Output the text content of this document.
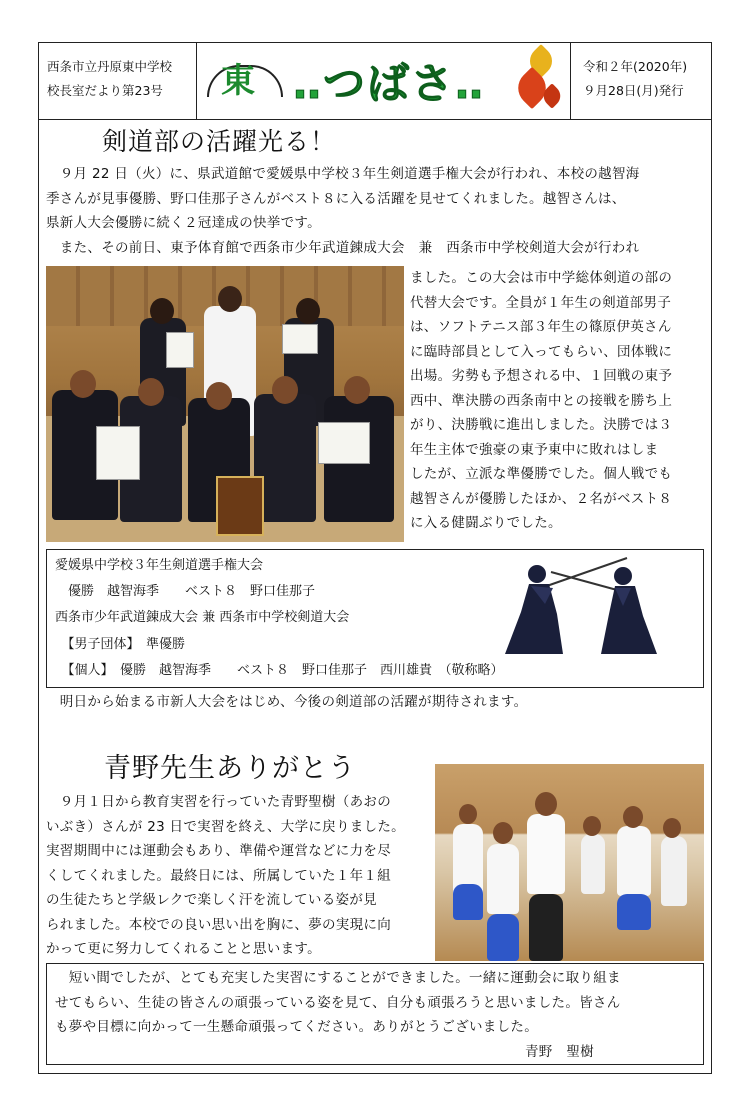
西条市立丹原東中学校
校長室だより第23号	東 ‥つばさ‥	令和２年(2020年)
９月28日(月)発行
剣道部の活躍光る！
　９月 22 日（火）に、県武道館で愛媛県中学校３年生剣道選手権大会が行われ、本校の越智海
季さんが見事優勝、野口佳那子さんがベスト８に入る活躍を見せてくれました。越智さんは、
県新人大会優勝に続く２冠達成の快挙です。
　また、その前日、東予体育館で西条市少年武道錬成大会　兼　西条市中学校剣道大会が行われ
ました。この大会は市中学総体剣道の部の
代替大会です。全員が１年生の剣道部男子
は、ソフトテニス部３年生の篠原伊英さん
に臨時部員として入ってもらい、団体戦に
出場。劣勢も予想される中、１回戦の東予
西中、準決勝の西条南中との接戦を勝ち上
がり、決勝戦に進出しました。決勝では３
年生主体で強豪の東予東中に敗れはしま
したが、立派な準優勝でした。個人戦でも
越智さんが優勝したほか、２名がベスト８
に入る健闘ぶりでした。
愛媛県中学校３年生剣道選手権大会
　優勝　越智海季　　ベスト８　野口佳那子
西条市少年武道錬成大会 兼 西条市中学校剣道大会
　【男子団体】　準優勝
　【個人】　優勝　越智海季　　ベスト８　野口佳那子　西川雄貴　（敬称略）
　明日から始まる市新人大会をはじめ、今後の剣道部の活躍が期待されます。
青野先生ありがとう
　９月１日から教育実習を行っていた青野聖樹（あおの
いぶき）さんが 23 日で実習を終え、大学に戻りました。
実習期間中には運動会もあり、準備や運営などに力を尽
くしてくれました。最終日には、所属していた１年１組
の生徒たちと学級レクで楽しく汗を流している姿が見
られました。本校での良い思い出を胸に、夢の実現に向
かって更に努力してくれることと思います。
　短い間でしたが、とても充実した実習にすることができました。一緒に運動会に取り組ま
せてもらい、生徒の皆さんの頑張っている姿を見て、自分も頑張ろうと思いました。皆さん
も夢や目標に向かって一生懸命頑張ってください。ありがとうございました。
青野　聖樹
